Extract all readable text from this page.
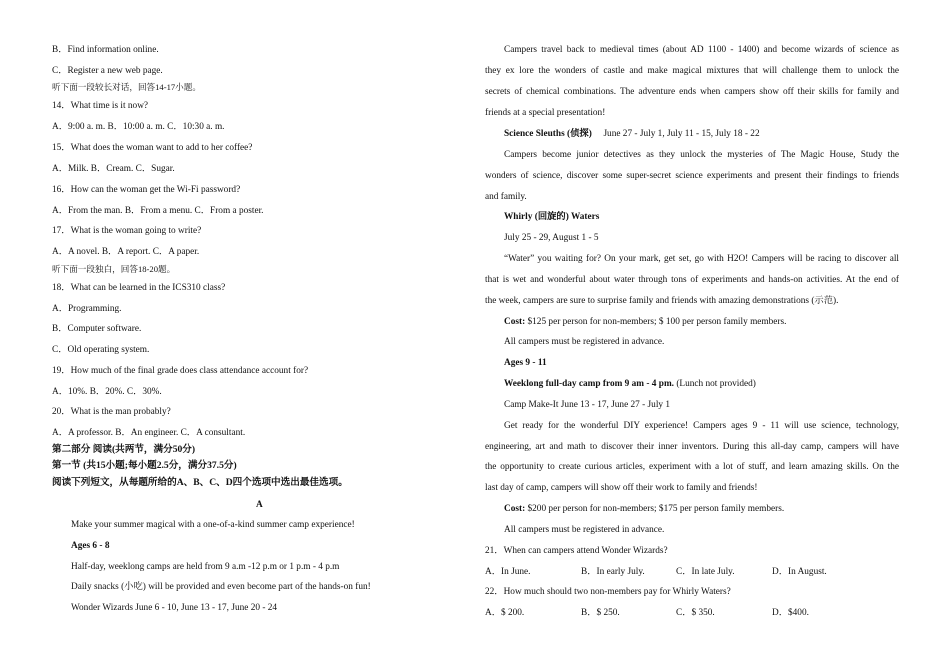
B．Find information online.
C．Register a new web page.
听下面一段较长对话，回答14-17小题。
14．What time is it now?
A．9:00 a. m. B．10:00 a. m. C．10:30 a. m.
15．What does the woman want to add to her coffee?
A．Milk. B．Cream. C．Sugar.
16．How can the woman get the Wi-Fi password?
A．From the man. B．From a menu. C．From a poster.
17．What is the woman going to write?
A．A novel. B．A report. C．A paper.
听下面一段独白，回答18-20题。
18．What can be learned in the ICS310 class?
A．Programming.
B．Computer software.
C．Old operating system.
19．How much of the final grade does class attendance account for?
A．10%. B．20%. C．30%.
20．What is the man probably?
A．A professor. B．An engineer. C．A consultant.
第二部分 阅读(共两节，满分50分)
第一节 (共15小题;每小题2.5分，满分37.5分)
阅读下列短文，从每题所给的A、B、C、D四个选项中选出最佳选项。
A
Make your summer magical with a one-of-a-kind summer camp experience!
Ages 6 - 8
Half-day, weeklong camps are held from 9 a.m -12 p.m or 1 p.m - 4 p.m
Daily snacks (小吃) will be provided and even become part of the hands-on fun!
Wonder Wizards June 6 - 10, June 13 - 17, June 20 - 24
Campers travel back to medieval times (about AD 1100 - 1400) and become wizards of science as
they ex lore the wonders of castle and make magical mixtures that will challenge them to unlock the
secrets of chemical combinations. The adventure ends when campers show off their skills for family and
friends at a special presentation!
Science Sleuths (侦探) June 27 - July 1, July 11 - 15, July 18 - 22
Campers become junior detectives as they unlock the mysteries of The Magic House, Study the
wonders of science, discover some super-secret science experiments and present their findings to friends
and family.
Whirly (回旋的) Waters
July 25 - 29, August 1 - 5
“Water” you waiting for? On your mark, get set, go with H2O! Campers will be racing to discover all
that is wet and wonderful about water through tons of experiments and hands-on activities. At the end of
the week, campers are sure to surprise family and friends with amazing demonstrations (示范).
Cost: $125 per person for non-members; $ 100 per person family members.
All campers must be registered in advance.
Ages 9 - 11
Weeklong full-day camp from 9 am - 4 pm. (Lunch not provided)
Camp Make-It June 13 - 17, June 27 - July 1
Get ready for the wonderful DIY experience! Campers ages 9 - 11 will use science, technology,
engineering, art and math to discover their inner inventors. During this all-day camp, campers will have
the opportunity to create curious articles, experiment with a lot of stuff, and learn amazing skills. On the
last day of camp, campers will show off their work to family and friends!
Cost: $200 per person for non-members; $175 per person family members.
All campers must be registered in advance.
21．When can campers attend Wonder Wizards?
A．In June.	B．In early July.	C．In late July.	D．In August.
22．How much should two non-members pay for Whirly Waters?
A．$ 200.	B．$ 250.	C．$ 350.	D．$400.
